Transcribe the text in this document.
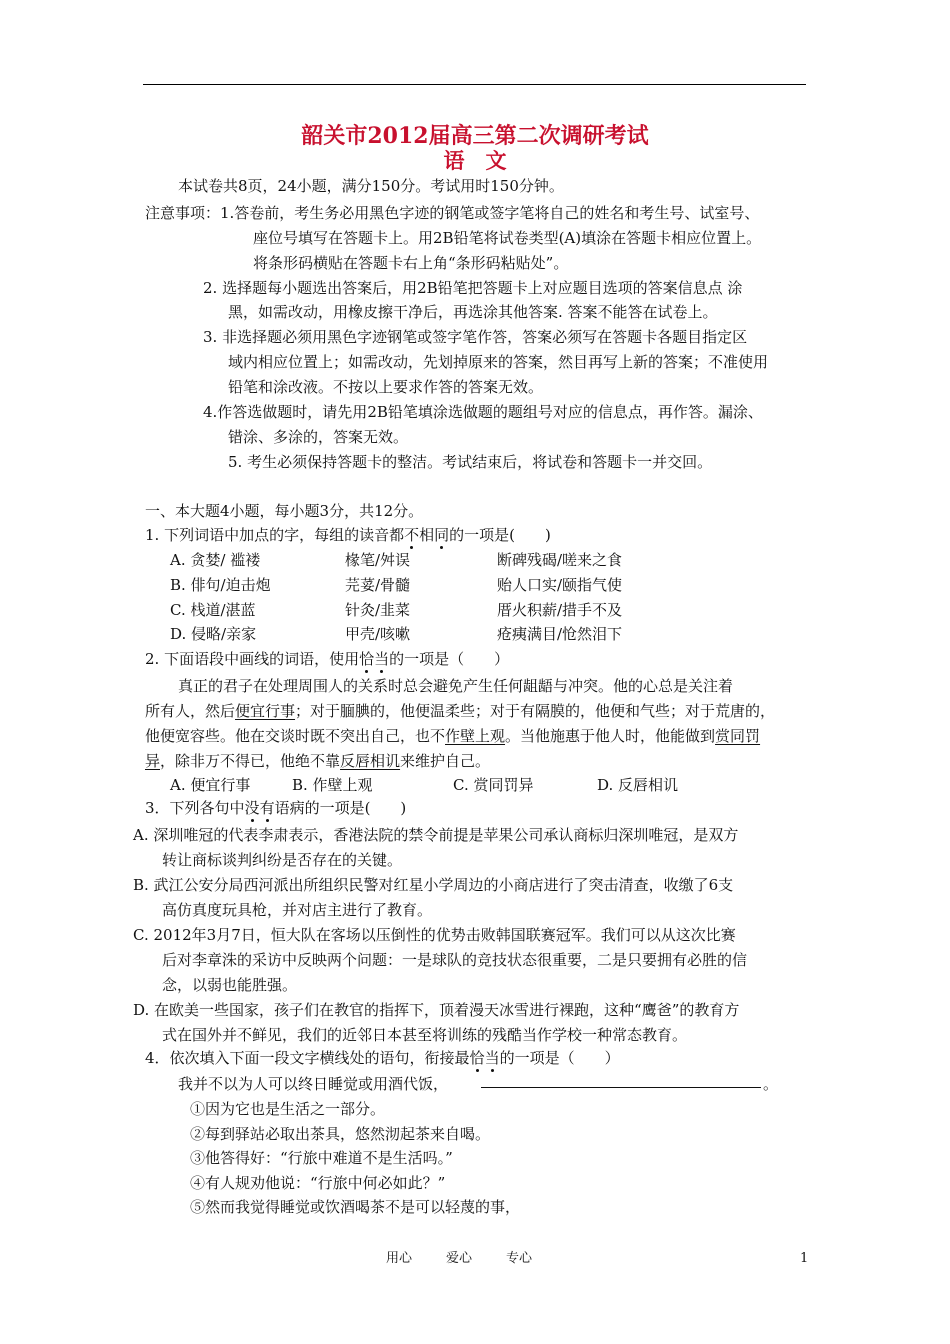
韶关市2012届高三第二次调研考试
语　文
本试卷共8页，24小题，满分150分。考试用时150分钟。
注意事项： 1.答卷前，考生务必用黑色字迹的钢笔或签字笔将自己的姓名和考生号、试室号、
座位号填写在答题卡上。用2B铅笔将试卷类型(A)填涂在答题卡相应位置上。
将条形码横贴在答题卡右上角“条形码粘贴处”。
2. 选择题每小题选出答案后，用2B铅笔把答题卡上对应题目选项的答案信息点 涂
黑，如需改动，用橡皮擦干净后，再选涂其他答案. 答案不能答在试卷上。
3. 非选择题必须用黑色字迹钢笔或签字笔作答，答案必须写在答题卡各题目指定区
域内相应位置上；如需改动，先划掉原来的答案，然目再写上新的答案；不准使用
铅笔和涂改液。不按以上要求作答的答案无效。
4.作答选做题时，请先用2B铅笔填涂选做题的题组号对应的信息点，再作答。漏涂、
错涂、多涂的，答案无效。
5. 考生必须保持答题卡的整洁。考试结束后，将试卷和答题卡一并交回。
一、本大题4小题，每小题3分，共12分。
1. 下列词语中加点的字，每组的读音都不相同的一项是(　　)
A. 贪婪/ 褴褛	椽笔/舛误	断碑残碣/嗟来之食
B. 俳句/迫击炮	芫荽/骨髓	贻人口实/颐指气使
C. 栈道/湛蓝	针灸/韭菜	厝火积薪/措手不及
D. 侵略/亲家	甲壳/咳嗽	疮痍满目/怆然泪下
2. 下面语段中画线的词语，使用恰当的一项是（　　）
真正的君子在处理周围人的关系时总会避免产生任何龃龉与冲突。他的心总是关注着
所有人，然后便宜行事；对于腼腆的，他便温柔些；对于有隔膜的，他便和气些；对于荒唐的，
他便宽容些。他在交谈时既不突出自己，也不作壁上观。当他施惠于他人时，他能做到赏同罚
异，除非万不得已，他绝不靠反唇相讥来维护自己。
A. 便宜行事	B. 作壁上观	C. 赏同罚异	D. 反唇相讥
3．下列各句中没有语病的一项是(　　)
A. 深圳唯冠的代表李肃表示，香港法院的禁令前提是苹果公司承认商标归深圳唯冠，是双方
转让商标谈判纠纷是否存在的关键。
B. 武江公安分局西河派出所组织民警对红星小学周边的小商店进行了突击清查，收缴了6支
高仿真度玩具枪，并对店主进行了教育。
C. 2012年3月7日，恒大队在客场以压倒性的优势击败韩国联赛冠军。我们可以从这次比赛
后对李章洙的采访中反映两个问题：一是球队的竞技状态很重要，二是只要拥有必胜的信
念，以弱也能胜强。
D. 在欧美一些国家，孩子们在教官的指挥下，顶着漫天冰雪进行裸跑，这种“鹰爸”的教育方
式在国外并不鲜见，我们的近邻日本甚至将训练的残酷当作学校一种常态教育。
4．依次填入下面一段文字横线处的语句，衔接最恰当的一项是（　　）
我并不以为人可以终日睡觉或用酒代饭，	。
①因为它也是生活之一部分。
②每到驿站必取出茶具，悠然沏起茶来自喝。
③他答得好：“行旅中难道不是生活吗。”
④有人规劝他说：“行旅中何必如此？”
⑤然而我觉得睡觉或饮酒喝茶不是可以轻蔑的事，
用心	爱心	专心	1
